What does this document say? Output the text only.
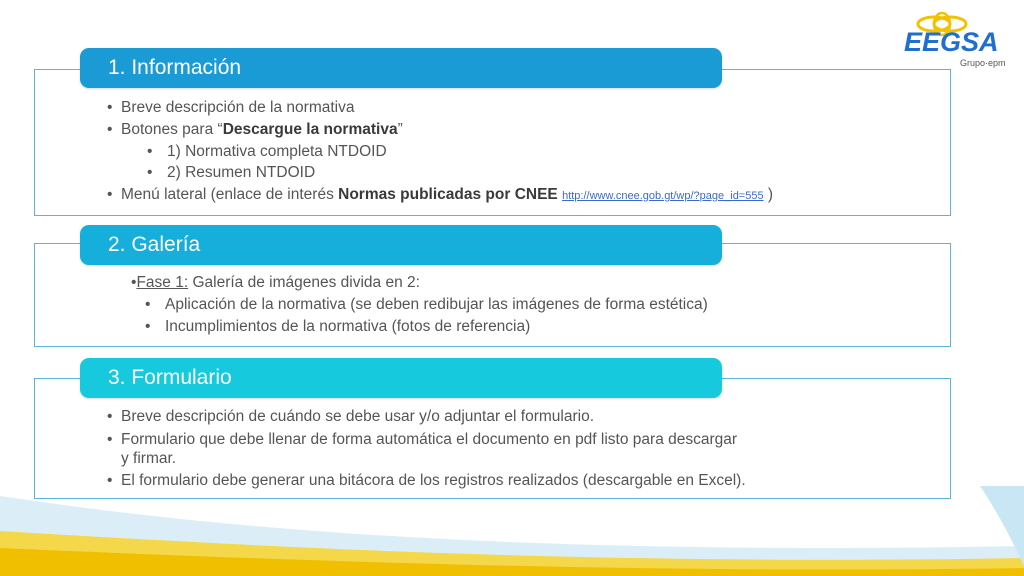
EEGSA
Grupo·epm
• Breve descripción de la normativa
• Botones para “Descargue la normativa”
• 1) Normativa completa NTDOID
• 2) Resumen NTDOID
• Menú lateral (enlace de interés Normas publicadas por CNEE http://www.cnee.gob.gt/wp/?page_id=555 )
1. Información
•Fase 1: Galería de imágenes divida en 2:
• Aplicación de la normativa (se deben redibujar las imágenes de forma estética)
• Incumplimientos de la normativa (fotos de referencia)
2. Galería
• Breve descripción de cuándo se debe usar y/o adjuntar el formulario.
• Formulario que debe llenar de forma automática el documento en pdf listo para descargar
y firmar.
• El formulario debe generar una bitácora de los registros realizados (descargable en Excel).
3. Formulario
